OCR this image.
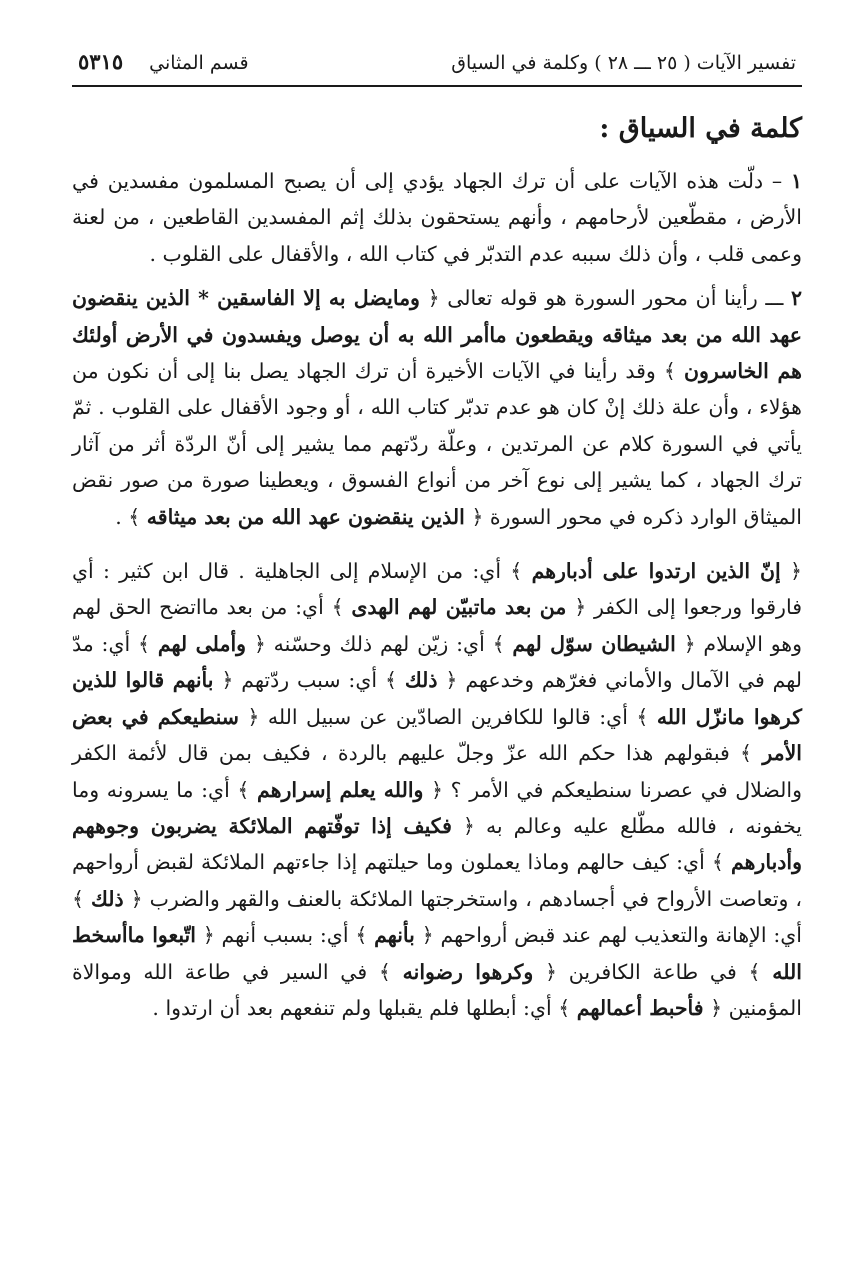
تفسير الآيات ( ٢٥ ـــ ٢٨ ) وكلمة في السياق
قسم المثاني
٥٣١٥
كلمة في السياق :

١ – دلّت هذه الآيات على أن ترك الجهاد يؤدي إلى أن يصبح المسلمون مفسدين في الأرض ، مقطّعين لأرحامهم ، وأنهم يستحقون بذلك إثم المفسدين القاطعين ، من لعنة وعمى قلب ، وأن ذلك سببه عدم التدبّر في كتاب الله ، والأقفال على القلوب .

٢ ـــ رأينا أن محور السورة هو قوله تعالى ﴿ ومايضل به إلا الفاسقين * الذين ينقضون عهد الله من بعد ميثاقه ويقطعون ماأمر الله به أن يوصل ويفسدون في الأرض أولئك هم الخاسرون ﴾ وقد رأينا في الآيات الأخيرة أن ترك الجهاد يصل بنا إلى أن نكون من هؤلاء ، وأن علة ذلك إنْ كان هو عدم تدبّر كتاب الله ، أو وجود الأقفال على القلوب . ثمّ يأتي في السورة كلام عن المرتدين ، وعلّة ردّتهم مما يشير إلى أنّ الردّة أثر من آثار ترك الجهاد ، كما يشير إلى نوع آخر من أنواع الفسوق ، ويعطينا صورة من صور نقض الميثاق الوارد ذكره في محور السورة ﴿ الذين ينقضون عهد الله من بعد ميثاقه ﴾ .

﴿ إنّ الذين ارتدوا على أدبارهم ﴾ أي: من الإسلام إلى الجاهلية . قال ابن كثير : أي فارقوا ورجعوا إلى الكفر ﴿ من بعد ماتبيّن لهم الهدى ﴾ أي: من بعد مااتضح الحق لهم وهو الإسلام ﴿ الشيطان سوّل لهم ﴾ أي: زيّن لهم ذلك وحسّنه ﴿ وأملى لهم ﴾ أي: مدّ لهم في الآمال والأماني فغرّهم وخدعهم ﴿ ذلك ﴾ أي: سبب ردّتهم ﴿ بأنهم قالوا للذين كرهوا مانزّل الله ﴾ أي: قالوا للكافرين الصادّين عن سبيل الله ﴿ سنطيعكم في بعض الأمر ﴾ فبقولهم هذا حكم الله عزّ وجلّ عليهم بالردة ، فكيف بمن قال لأئمة الكفر والضلال في عصرنا سنطيعكم في الأمر ؟ ﴿ والله يعلم إسرارهم ﴾ أي: ما يسرونه وما يخفونه ، فالله مطّلع عليه وعالم به ﴿ فكيف إذا توفّتهم الملائكة يضربون وجوههم وأدبارهم ﴾ أي: كيف حالهم وماذا يعملون وما حيلتهم إذا جاءتهم الملائكة لقبض أرواحهم ، وتعاصت الأرواح في أجسادهم ، واستخرجتها الملائكة بالعنف والقهر والضرب ﴿ ذلك ﴾ أي: الإهانة والتعذيب لهم عند قبض أرواحهم ﴿ بأنهم ﴾ أي: بسبب أنهم ﴿ اتّبعوا ماأسخط الله ﴾ في طاعة الكافرين ﴿ وكرهوا رضوانه ﴾ في السير في طاعة الله وموالاة المؤمنين ﴿ فأحبط أعمالهم ﴾ أي: أبطلها فلم يقبلها ولم تنفعهم بعد أن ارتدوا .
